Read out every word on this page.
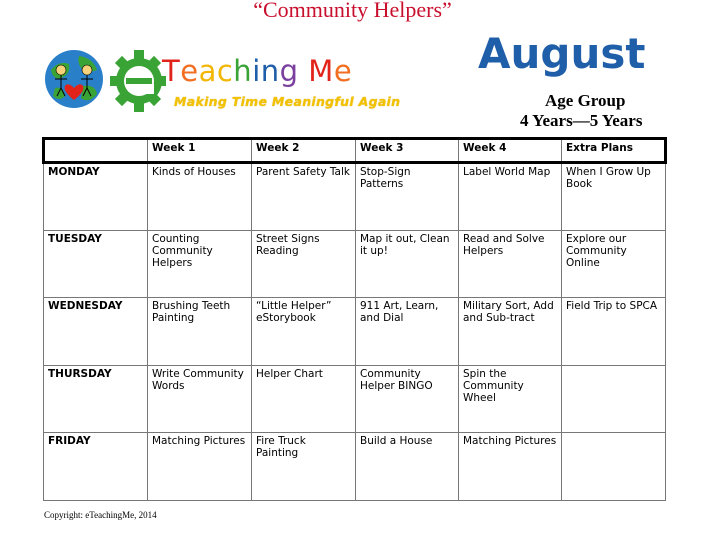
“Community Helpers”
Teaching Me
Making Time Meaningful Again
August
Age Group
4 Years—5 Years
	Week 1	Week 2	Week 3	Week 4	Extra Plans
MONDAY	Kinds of Houses	Parent Safety Talk	Stop-Sign Patterns	Label World Map	When I Grow Up Book
TUESDAY	Counting Community Helpers	Street Signs Reading	Map it out, Clean it up!	Read and Solve Helpers	Explore our Community Online
WEDNESDAY	Brushing Teeth Painting	“Little Helper” eStorybook	911 Art, Learn, and Dial	Military Sort, Add and Sub-tract	Field Trip to SPCA
THURSDAY	Write Community Words	Helper Chart	Community Helper BINGO	Spin the Community Wheel	
FRIDAY	Matching Pictures	Fire Truck Painting	Build a House	Matching Pictures	
Copyright: eTeachingMe, 2014
